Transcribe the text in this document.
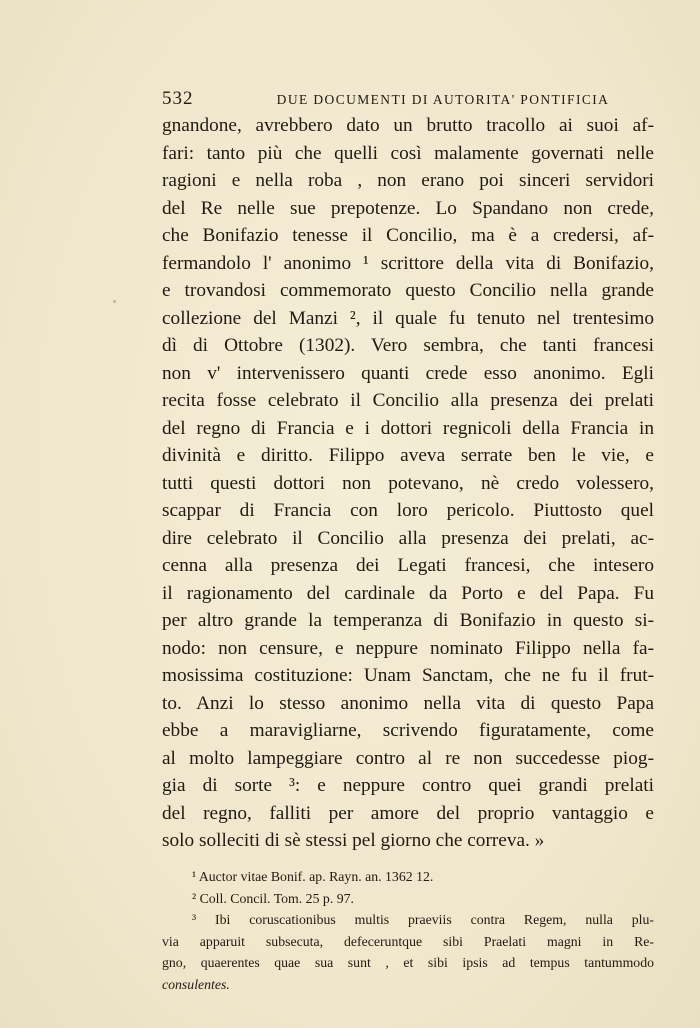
532	DUE DOCUMENTI DI AUTORITA' PONTIFICIA
gnandone, avrebbero dato un brutto tracollo ai suoi af-
fari: tanto più che quelli così malamente governati nelle
ragioni e nella roba , non erano poi sinceri servidori
del Re nelle sue prepotenze. Lo Spandano non crede,
che Bonifazio tenesse il Concilio, ma è a credersi, af-
fermandolo l' anonimo ¹ scrittore della vita di Bonifazio,
e trovandosi commemorato questo Concilio nella grande
collezione del Manzi ², il quale fu tenuto nel trentesimo
dì di Ottobre (1302). Vero sembra, che tanti francesi
non v' intervenissero quanti crede esso anonimo. Egli
recita fosse celebrato il Concilio alla presenza dei prelati
del regno di Francia e i dottori regnicoli della Francia in
divinità e diritto. Filippo aveva serrate ben le vie, e
tutti questi dottori non potevano, nè credo volessero,
scappar di Francia con loro pericolo. Piuttosto quel
dire celebrato il Concilio alla presenza dei prelati, ac-
cenna alla presenza dei Legati francesi, che intesero
il ragionamento del cardinale da Porto e del Papa. Fu
per altro grande la temperanza di Bonifazio in questo si-
nodo: non censure, e neppure nominato Filippo nella fa-
mosissima costituzione: Unam Sanctam, che ne fu il frut-
to. Anzi lo stesso anonimo nella vita di questo Papa
ebbe a maravigliarne, scrivendo figuratamente, come
al molto lampeggiare contro al re non succedesse piog-
gia di sorte ³: e neppure contro quei grandi prelati
del regno, falliti per amore del proprio vantaggio e
solo solleciti di sè stessi pel giorno che correva. »
¹ Auctor vitae Bonif. ap. Rayn. an. 1362 12.
² Coll. Concil. Tom. 25 p. 97.
³ Ibi coruscationibus multis praeviis contra Regem, nulla plu-
via apparuit subsecuta, defeceruntque sibi Praelati magni in Re-
gno, quaerentes quae sua sunt , et sibi ipsis ad tempus tantummodo
consulentes.
